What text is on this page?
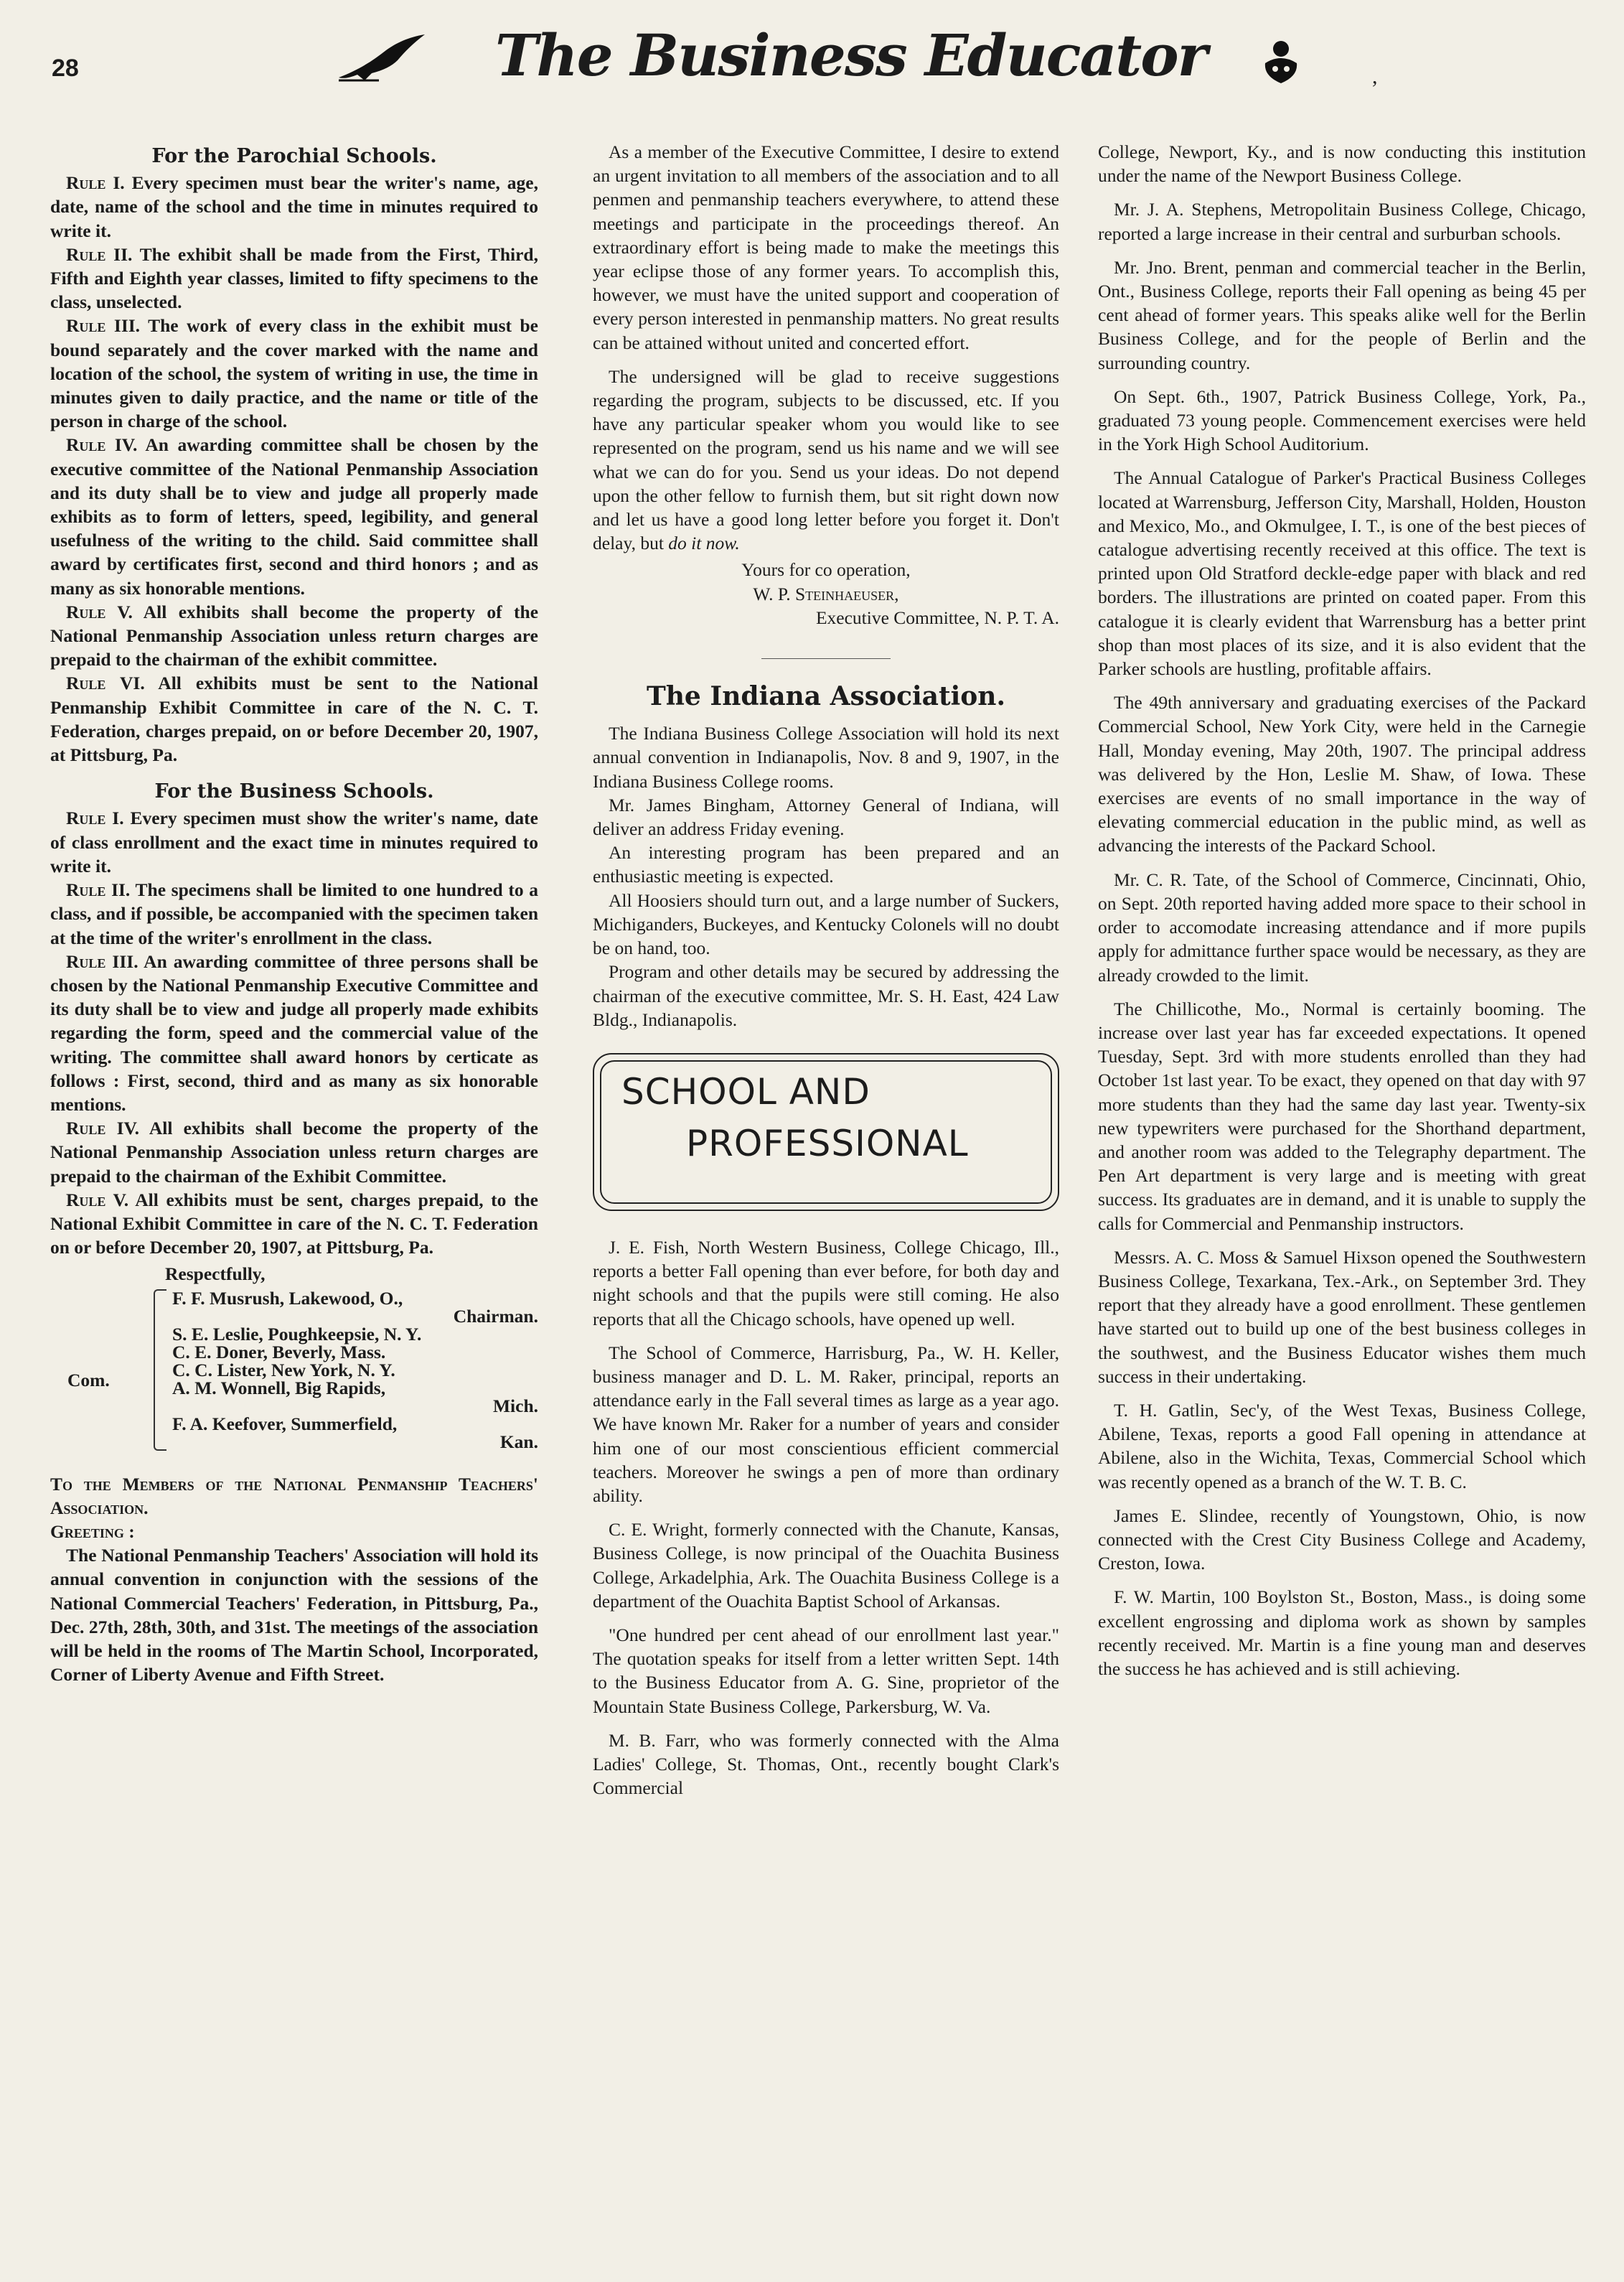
28	The Business Educator	,
For the Parochial Schools.

Rule I. Every specimen must bear the writer's name, age, date, name of the school and the time in minutes required to write it.

Rule II. The exhibit shall be made from the First, Third, Fifth and Eighth year classes, limited to fifty specimens to the class, unselected.

Rule III. The work of every class in the exhibit must be bound separately and the cover marked with the name and location of the school, the system of writing in use, the time in minutes given to daily practice, and the name or title of the person in charge of the school.

Rule IV. An awarding committee shall be chosen by the executive committee of the National Penmanship Association and its duty shall be to view and judge all properly made exhibits as to form of letters, speed, legibility, and general usefulness of the writing to the child. Said committee shall award by certificates first, second and third honors ; and as many as six honorable mentions.

Rule V. All exhibits shall become the property of the National Penmanship Association unless return charges are prepaid to the chairman of the exhibit committee.

Rule VI. All exhibits must be sent to the National Penmanship Exhibit Committee in care of the N. C. T. Federation, charges prepaid, on or before December 20, 1907, at Pittsburg, Pa.

For the Business Schools.

Rule I. Every specimen must show the writer's name, date of class enrollment and the exact time in minutes required to write it.

Rule II. The specimens shall be limited to one hundred to a class, and if possible, be accompanied with the specimen taken at the time of the writer's enrollment in the class.

Rule III. An awarding committee of three persons shall be chosen by the National Penmanship Executive Committee and its duty shall be to view and judge all properly made exhibits regarding the form, speed and the commercial value of the writing. The committee shall award honors by certicate as follows : First, second, third and as many as six honorable mentions.

Rule IV. All exhibits shall become the property of the National Penmanship Association unless return charges are prepaid to the chairman of the Exhibit Committee.

Rule V. All exhibits must be sent, charges prepaid, to the National Exhibit Committee in care of the N. C. T. Federation on or before December 20, 1907, at Pittsburg, Pa.

Respectfully,
Com.
F. F. Musrush, Lakewood, O.,
Chairman.
S. E. Leslie, Poughkeepsie, N. Y.
C. E. Doner, Beverly, Mass.
C. C. Lister, New York, N. Y.
A. M. Wonnell, Big Rapids,
Mich.
F. A. Keefover, Summerfield,
Kan.
To the Members of the National Penmanship Teachers' Association.
Greeting :

The National Penmanship Teachers' Association will hold its annual convention in conjunction with the sessions of the National Commercial Teachers' Federation, in Pittsburg, Pa., Dec. 27th, 28th, 30th, and 31st. The meetings of the association will be held in the rooms of The Martin School, Incorporated, Corner of Liberty Avenue and Fifth Street.

As a member of the Executive Committee, I desire to extend an urgent invitation to all members of the association and to all penmen and penmanship teachers everywhere, to attend these meetings and participate in the proceedings thereof. An extraordinary effort is being made to make the meetings this year eclipse those of any former years. To accomplish this, however, we must have the united support and cooperation of every person interested in penmanship matters. No great results can be attained without united and concerted effort.

The undersigned will be glad to receive suggestions regarding the program, subjects to be discussed, etc. If you have any particular speaker whom you would like to see represented on the program, send us his name and we will see what we can do for you. Send us your ideas. Do not depend upon the other fellow to furnish them, but sit right down now and let us have a good long letter before you forget it. Don't delay, but do it now.

Yours for co operation,
W. P. Steinhaeuser,
Executive Committee, N. P. T. A.
The Indiana Association.

The Indiana Business College Association will hold its next annual convention in Indianapolis, Nov. 8 and 9, 1907, in the Indiana Business College rooms.

Mr. James Bingham, Attorney General of Indiana, will deliver an address Friday evening.

An interesting program has been prepared and an enthusiastic meeting is expected.

All Hoosiers should turn out, and a large number of Suckers, Michiganders, Buckeyes, and Kentucky Colonels will no doubt be on hand, too.

Program and other details may be secured by addressing the chairman of the executive committee, Mr. S. H. East, 424 Law Bldg., Indianapolis.

SCHOOL AND
PROFESSIONAL

J. E. Fish, North Western Business, College Chicago, Ill., reports a better Fall opening than ever before, for both day and night schools and that the pupils were still coming. He also reports that all the Chicago schools, have opened up well.

The School of Commerce, Harrisburg, Pa., W. H. Keller, business manager and D. L. M. Raker, principal, reports an attendance early in the Fall several times as large as a year ago. We have known Mr. Raker for a number of years and consider him one of our most conscientious efficient commercial teachers. Moreover he swings a pen of more than ordinary ability.

C. E. Wright, formerly connected with the Chanute, Kansas, Business College, is now principal of the Ouachita Business College, Arkadelphia, Ark. The Ouachita Business College is a department of the Ouachita Baptist School of Arkansas.

"One hundred per cent ahead of our enrollment last year." The quotation speaks for itself from a letter written Sept. 14th to the Business Educator from A. G. Sine, proprietor of the Mountain State Business College, Parkersburg, W. Va.

M. B. Farr, who was formerly connected with the Alma Ladies' College, St. Thomas, Ont., recently bought Clark's Commercial

College, Newport, Ky., and is now conducting this institution under the name of the Newport Business College.

Mr. J. A. Stephens, Metropolitain Business College, Chicago, reported a large increase in their central and surburban schools.

Mr. Jno. Brent, penman and commercial teacher in the Berlin, Ont., Business College, reports their Fall opening as being 45 per cent ahead of former years. This speaks alike well for the Berlin Business College, and for the people of Berlin and the surrounding country.

On Sept. 6th., 1907, Patrick Business College, York, Pa., graduated 73 young people. Commencement exercises were held in the York High School Auditorium.

The Annual Catalogue of Parker's Practical Business Colleges located at Warrensburg, Jefferson City, Marshall, Holden, Houston and Mexico, Mo., and Okmulgee, I. T., is one of the best pieces of catalogue advertising recently received at this office. The text is printed upon Old Stratford deckle-edge paper with black and red borders. The illustrations are printed on coated paper. From this catalogue it is clearly evident that Warrensburg has a better print shop than most places of its size, and it is also evident that the Parker schools are hustling, profitable affairs.

The 49th anniversary and graduating exercises of the Packard Commercial School, New York City, were held in the Carnegie Hall, Monday evening, May 20th, 1907. The principal address was delivered by the Hon, Leslie M. Shaw, of Iowa. These exercises are events of no small importance in the way of elevating commercial education in the public mind, as well as advancing the interests of the Packard School.

Mr. C. R. Tate, of the School of Commerce, Cincinnati, Ohio, on Sept. 20th reported having added more space to their school in order to accomodate increasing attendance and if more pupils apply for admittance further space would be necessary, as they are already crowded to the limit.

The Chillicothe, Mo., Normal is certainly booming. The increase over last year has far exceeded expectations. It opened Tuesday, Sept. 3rd with more students enrolled than they had October 1st last year. To be exact, they opened on that day with 97 more students than they had the same day last year. Twenty-six new typewriters were purchased for the Shorthand department, and another room was added to the Telegraphy department. The Pen Art department is very large and is meeting with great success. Its graduates are in demand, and it is unable to supply the calls for Commercial and Penmanship instructors.

Messrs. A. C. Moss & Samuel Hixson opened the Southwestern Business College, Texarkana, Tex.-Ark., on September 3rd. They report that they already have a good enrollment. These gentlemen have started out to build up one of the best business colleges in the southwest, and the Business Educator wishes them much success in their undertaking.

T. H. Gatlin, Sec'y, of the West Texas, Business College, Abilene, Texas, reports a good Fall opening in attendance at Abilene, also in the Wichita, Texas, Commercial School which was recently opened as a branch of the W. T. B. C.

James E. Slindee, recently of Youngstown, Ohio, is now connected with the Crest City Business College and Academy, Creston, Iowa.

F. W. Martin, 100 Boylston St., Boston, Mass., is doing some excellent engrossing and diploma work as shown by samples recently received. Mr. Martin is a fine young man and deserves the success he has achieved and is still achieving.
